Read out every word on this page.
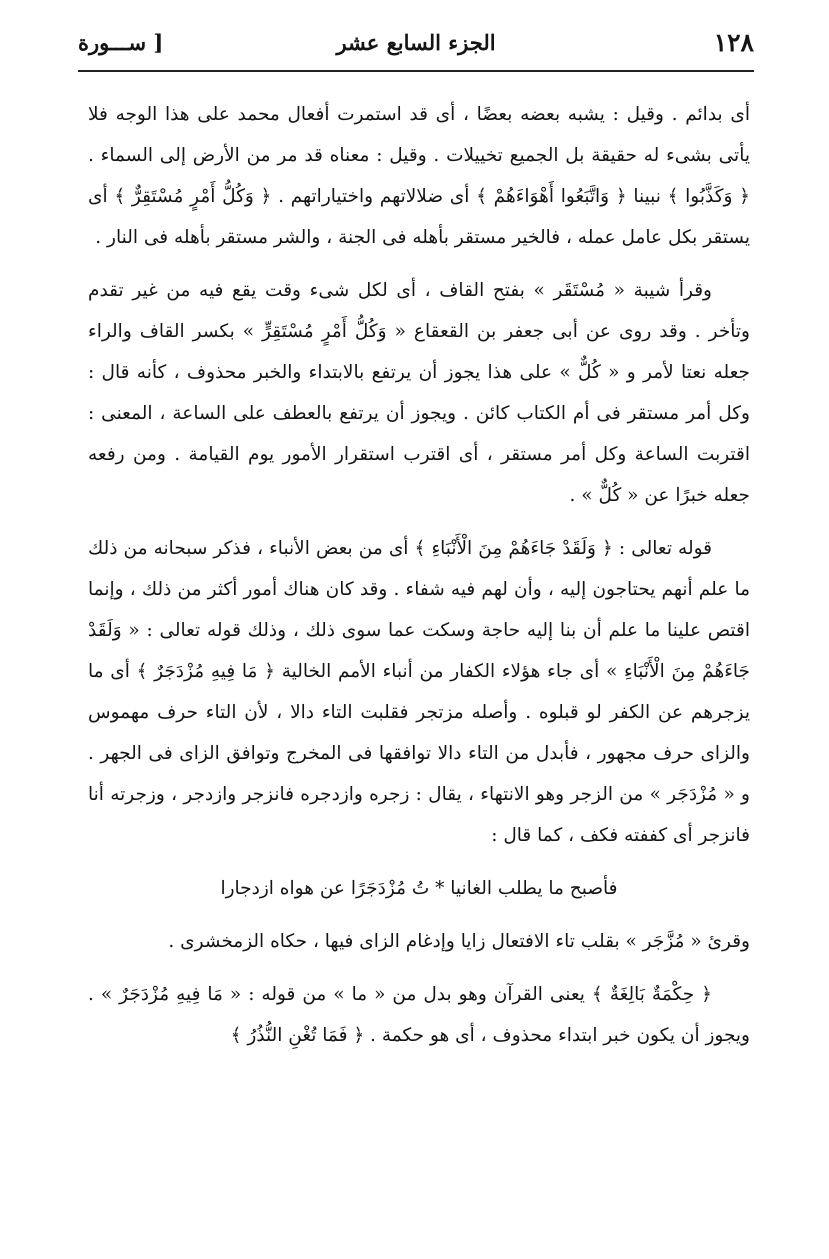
١٢٨
الجزء السابع عشر
[ ســـورة

أى بدائم . وقيل : يشبه بعضه بعضًا ، أى قد استمرت أفعال محمد على هذا الوجه فلا يأتى بشىء له حقيقة بل الجميع تخييلات . وقيل : معناه قد مر من الأرض إلى السماء . ﴿ وَكَذَّبُوا ﴾ نبينا ﴿ وَاتَّبَعُوا أَهْوَاءَهُمْ ﴾ أى ضلالاتهم واختياراتهم . ﴿ وَكُلُّ أَمْرٍ مُسْتَقِرٌّ ﴾ أى يستقر بكل عامل عمله ، فالخير مستقر بأهله فى الجنة ، والشر مستقر بأهله فى النار .

وقرأ شيبة « مُسْتَقَر » بفتح القاف ، أى لكل شىء وقت يقع فيه من غير تقدم وتأخر . وقد روى عن أبى جعفر بن القعقاع « وَكُلُّ أَمْرٍ مُسْتَقِرٍّ » بكسر القاف والراء جعله نعتا لأمر و « كُلٌّ » على هذا يجوز أن يرتفع بالابتداء والخبر محذوف ، كأنه قال : وكل أمر مستقر فى أم الكتاب كائن . ويجوز أن يرتفع بالعطف على الساعة ، المعنى : اقتربت الساعة وكل أمر مستقر ، أى اقترب استقرار الأمور يوم القيامة . ومن رفعه جعله خبرًا عن « كُلٌّ » .

قوله تعالى : ﴿ وَلَقَدْ جَاءَهُمْ مِنَ الْأَنْبَاءِ ﴾ أى من بعض الأنباء ، فذكر سبحانه من ذلك ما علم أنهم يحتاجون إليه ، وأن لهم فيه شفاء . وقد كان هناك أمور أكثر من ذلك ، وإنما اقتص علينا ما علم أن بنا إليه حاجة وسكت عما سوى ذلك ، وذلك قوله تعالى : « وَلَقَدْ جَاءَهُمْ مِنَ الْأَنْبَاءِ » أى جاء هؤلاء الكفار من أنباء الأمم الخالية ﴿ مَا فِيهِ مُزْدَجَرٌ ﴾ أى ما يزجرهم عن الكفر لو قبلوه . وأصله مزتجر فقلبت التاء دالا ، لأن التاء حرف مهموس والزاى حرف مجهور ، فأبدل من التاء دالا توافقها فى المخرج وتوافق الزاى فى الجهر . و « مُزْدَجَر » من الزجر وهو الانتهاء ، يقال : زجره وازدجره فانزجر وازدجر ، وزجرته أنا فانزجر أى كففته فكف ، كما قال :

فأصبح ما يطلب الغانيا * تُ مُزْدَجَرًا عن هواه ازدجارا

وقرئ « مُزَّجَر » بقلب تاء الافتعال زايا وإدغام الزاى فيها ، حكاه الزمخشرى .

﴿ حِكْمَةٌ بَالِغَةٌ ﴾ يعنى القرآن وهو بدل من « ما » من قوله : « مَا فِيهِ مُزْدَجَرٌ » . ويجوز أن يكون خبر ابتداء محذوف ، أى هو حكمة . ﴿ فَمَا تُغْنِ النُّذُرُ ﴾
